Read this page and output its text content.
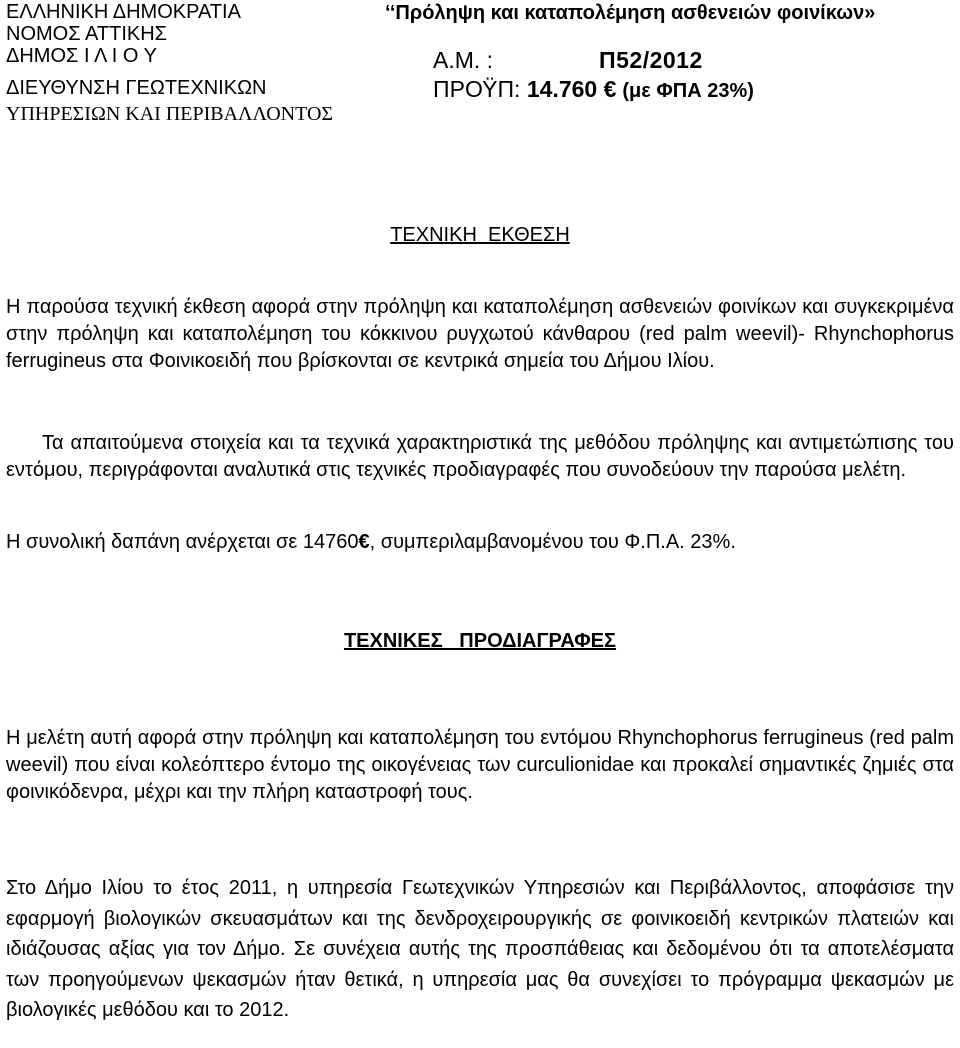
ΕΛΛΗΝΙΚΗ ΔΗΜΟΚΡΑΤΙΑ
ΝΟΜΟΣ ΑΤΤΙΚΗΣ
ΔΗΜΟΣ Ι Λ Ι Ο Υ
ΔΙΕΥΘΥΝΣΗ ΓΕΩΤΕΧΝΙΚΩΝ
ΥΠΗΡΕΣΙΩΝ ΚΑΙ ΠΕΡΙΒΑΛΛΟΝΤΟΣ
‘‘Πρόληψη και καταπολέμηση ασθενειών φοινίκων»
Α.Μ. :	Π52/2012
ΠΡΟΫΠ: 14.760 € (με ΦΠΑ 23%)
ΤΕΧΝΙΚΗ  ΕΚΘΕΣΗ

Η παρούσα τεχνική έκθεση αφορά στην πρόληψη και καταπολέμηση ασθενειών φοινίκων και συγκεκριμένα στην πρόληψη και καταπολέμηση του κόκκινου ρυγχωτού κάνθαρου (red palm weevil)- Rhynchophorus ferrugineus στα Φοινικοειδή που βρίσκονται σε κεντρικά σημεία του Δήμου Ιλίου.

Τα απαιτούμενα στοιχεία και τα τεχνικά χαρακτηριστικά της μεθόδου πρόληψης και αντιμετώπισης του εντόμου, περιγράφονται αναλυτικά στις τεχνικές προδιαγραφές που συνοδεύουν την παρούσα μελέτη.

Η συνολική δαπάνη ανέρχεται σε 14760€, συμπεριλαμβανομένου του Φ.Π.Α. 23%.

ΤΕΧΝΙΚΕΣ   ΠΡΟΔΙΑΓΡΑΦΕΣ

Η μελέτη αυτή αφορά στην πρόληψη και καταπολέμηση του εντόμου Rhynchophorus ferrugineus (red palm weevil) που είναι κολεόπτερο έντομο της οικογένειας των curculionidae και προκαλεί σημαντικές ζημιές στα φοινικόδενρα, μέχρι και την πλήρη καταστροφή τους.

Στο Δήμο Ιλίου το έτος 2011, η υπηρεσία Γεωτεχνικών Υπηρεσιών και Περιβάλλοντος, αποφάσισε την εφαρμογή βιολογικών σκευασμάτων και της δενδροχειρουργικής σε φοινικοειδή κεντρικών πλατειών και ιδιάζουσας αξίας για τον Δήμο. Σε συνέχεια αυτής της προσπάθειας και δεδομένου ότι τα αποτελέσματα των προηγούμενων ψεκασμών ήταν θετικά, η υπηρεσία μας θα συνεχίσει το πρόγραμμα ψεκασμών με βιολογικές μεθόδου και το 2012.
